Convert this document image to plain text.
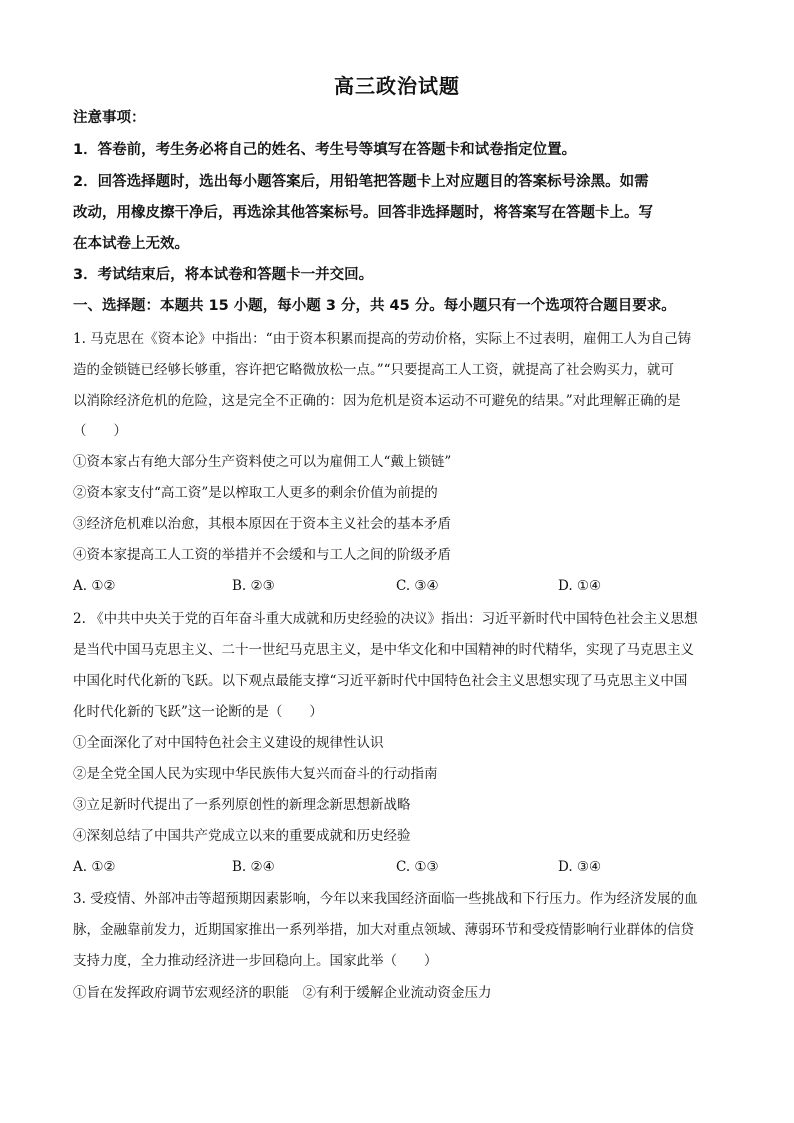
高三政治试题
注意事项：
1．答卷前，考生务必将自己的姓名、考生号等填写在答题卡和试卷指定位置。
2．回答选择题时，选出每小题答案后，用铅笔把答题卡上对应题目的答案标号涂黑。如需
改动，用橡皮擦干净后，再选涂其他答案标号。回答非选择题时，将答案写在答题卡上。写
在本试卷上无效。
3．考试结束后，将本试卷和答题卡一并交回。
一、选择题：本题共 15 小题，每小题 3 分，共 45 分。每小题只有一个选项符合题目要求。
1. 马克思在《资本论》中指出：“由于资本积累而提高的劳动价格，实际上不过表明，雇佣工人为自己铸
造的金锁链已经够长够重，容许把它略微放松一点。”“只要提高工人工资，就提高了社会购买力，就可
以消除经济危机的危险，这是完全不正确的：因为危机是资本运动不可避免的结果。”对此理解正确的是
（　　）
①资本家占有绝大部分生产资料使之可以为雇佣工人“戴上锁链”
②资本家支付“高工资”是以榨取工人更多的剩余价值为前提的
③经济危机难以治愈，其根本原因在于资本主义社会的基本矛盾
④资本家提高工人工资的举措并不会缓和与工人之间的阶级矛盾
A. ①②	B. ②③	C. ③④	D. ①④
2. 《中共中央关于党的百年奋斗重大成就和历史经验的决议》指出：习近平新时代中国特色社会主义思想
是当代中国马克思主义、二十一世纪马克思主义，是中华文化和中国精神的时代精华，实现了马克思主义
中国化时代化新的飞跃。以下观点最能支撑“习近平新时代中国特色社会主义思想实现了马克思主义中国
化时代化新的飞跃”这一论断的是（　　）
①全面深化了对中国特色社会主义建设的规律性认识
②是全党全国人民为实现中华民族伟大复兴而奋斗的行动指南
③立足新时代提出了一系列原创性的新理念新思想新战略
④深刻总结了中国共产党成立以来的重要成就和历史经验
A. ①②	B. ②④	C. ①③	D. ③④
3. 受疫情、外部冲击等超预期因素影响，今年以来我国经济面临一些挑战和下行压力。作为经济发展的血
脉，金融靠前发力，近期国家推出一系列举措，加大对重点领域、薄弱环节和受疫情影响行业群体的信贷
支持力度，全力推动经济进一步回稳向上。国家此举（　　）
①旨在发挥政府调节宏观经济的职能　②有利于缓解企业流动资金压力
